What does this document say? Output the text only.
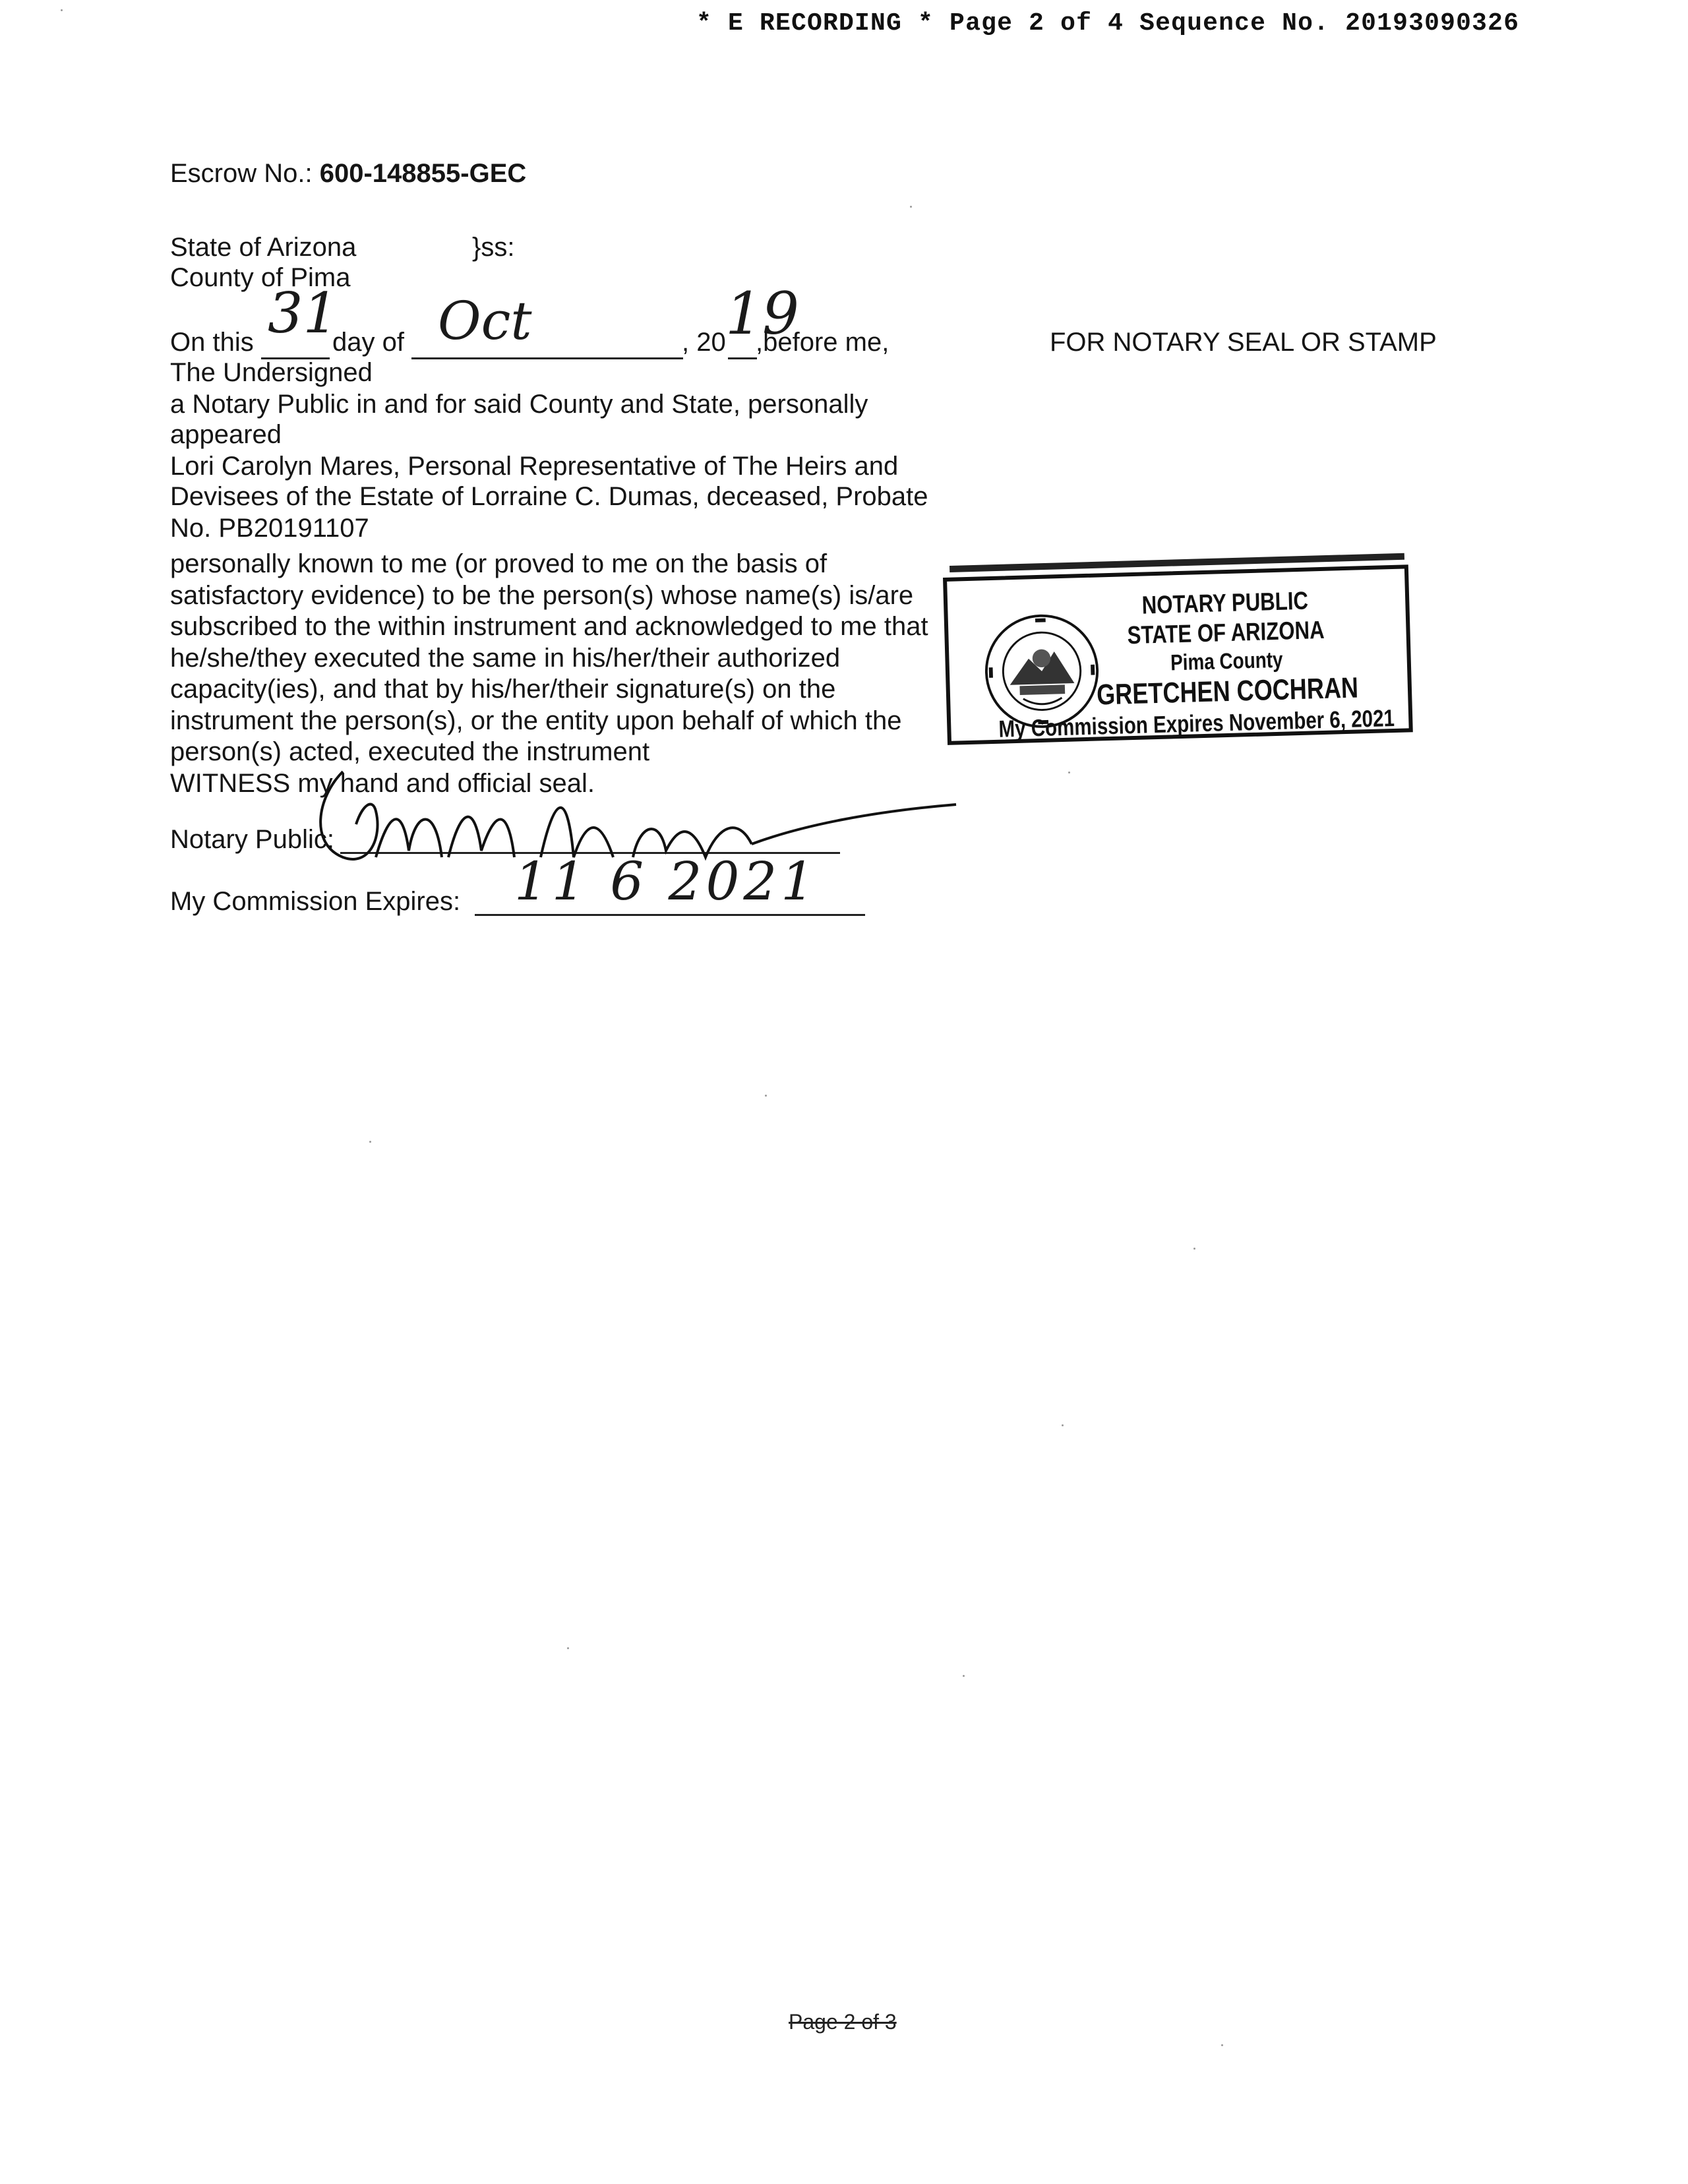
* E RECORDING * Page 2 of 4 Sequence No. 20193090326
Escrow No.: 600-148855-GEC
State of Arizona	}ss:
County of Pima
On this 31
day of Oct	, 20 19
,before me,	FOR NOTARY SEAL OR STAMP
The Undersigned
a Notary Public in and for said County and State, personally
appeared
Lori Carolyn Mares, Personal Representative of The Heirs and
Devisees of the Estate of Lorraine C. Dumas, deceased, Probate
No. PB20191107
personally known to me (or proved to me on the basis of
satisfactory evidence) to be the person(s) whose name(s) is/are
subscribed to the within instrument and acknowledged to me that
he/she/they executed the same in his/her/their authorized
capacity(ies), and that by his/her/their signature(s) on the
instrument the person(s), or the entity upon behalf of which the
person(s) acted, executed the instrument
WITNESS my hand and official seal.
NOTARY PUBLIC
STATE OF ARIZONA
Pima County
GRETCHEN COCHRAN
My Commission Expires November 6, 2021
Notary Public:
My Commission Expires: 11 6 2021
Page 2 of 3
